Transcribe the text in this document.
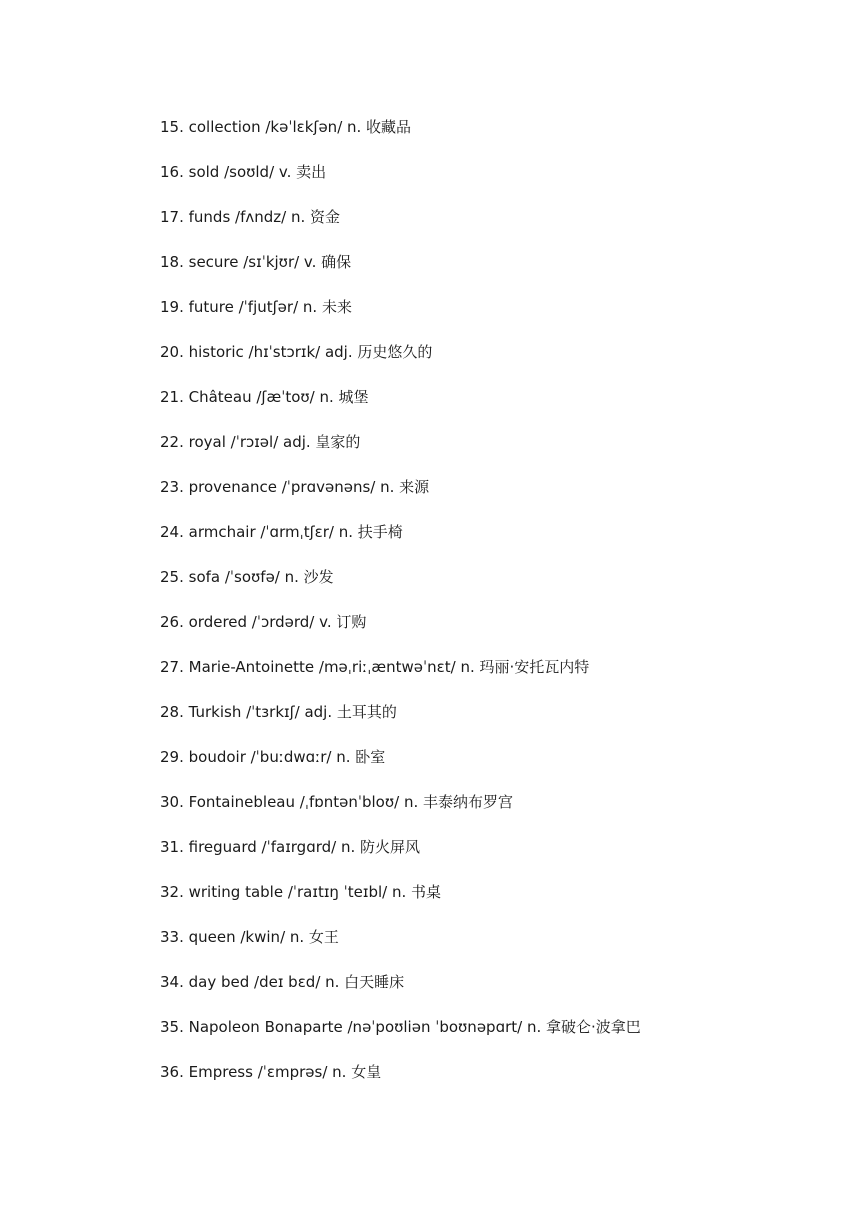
15. collection /kəˈlɛkʃən/ n. 收藏品
16. sold /soʊld/ v. 卖出
17. funds /fʌndz/ n. 资金
18. secure /sɪˈkjʊr/ v. 确保
19. future /ˈfjutʃər/ n. 未来
20. historic /hɪˈstɔrɪk/ adj. 历史悠久的
21. Château /ʃæˈtoʊ/ n. 城堡
22. royal /ˈrɔɪəl/ adj. 皇家的
23. provenance /ˈprɑvənəns/ n. 来源
24. armchair /ˈɑrmˌtʃɛr/ n. 扶手椅
25. sofa /ˈsoʊfə/ n. 沙发
26. ordered /ˈɔrdərd/ v. 订购
27. Marie-Antoinette /məˌriːˌæntwəˈnɛt/ n. 玛丽·安托瓦内特
28. Turkish /ˈtɜrkɪʃ/ adj. 土耳其的
29. boudoir /ˈbuːdwɑːr/ n. 卧室
30. Fontainebleau /ˌfɒntənˈbloʊ/ n. 丰泰纳布罗宫
31. fireguard /ˈfaɪrgɑrd/ n. 防火屏风
32. writing table /ˈraɪtɪŋ ˈteɪbl/ n. 书桌
33. queen /kwin/ n. 女王
34. day bed /deɪ bɛd/ n. 白天睡床
35. Napoleon Bonaparte /nəˈpoʊliən ˈboʊnəpɑrt/ n. 拿破仑·波拿巴
36. Empress /ˈɛmprəs/ n. 女皇
